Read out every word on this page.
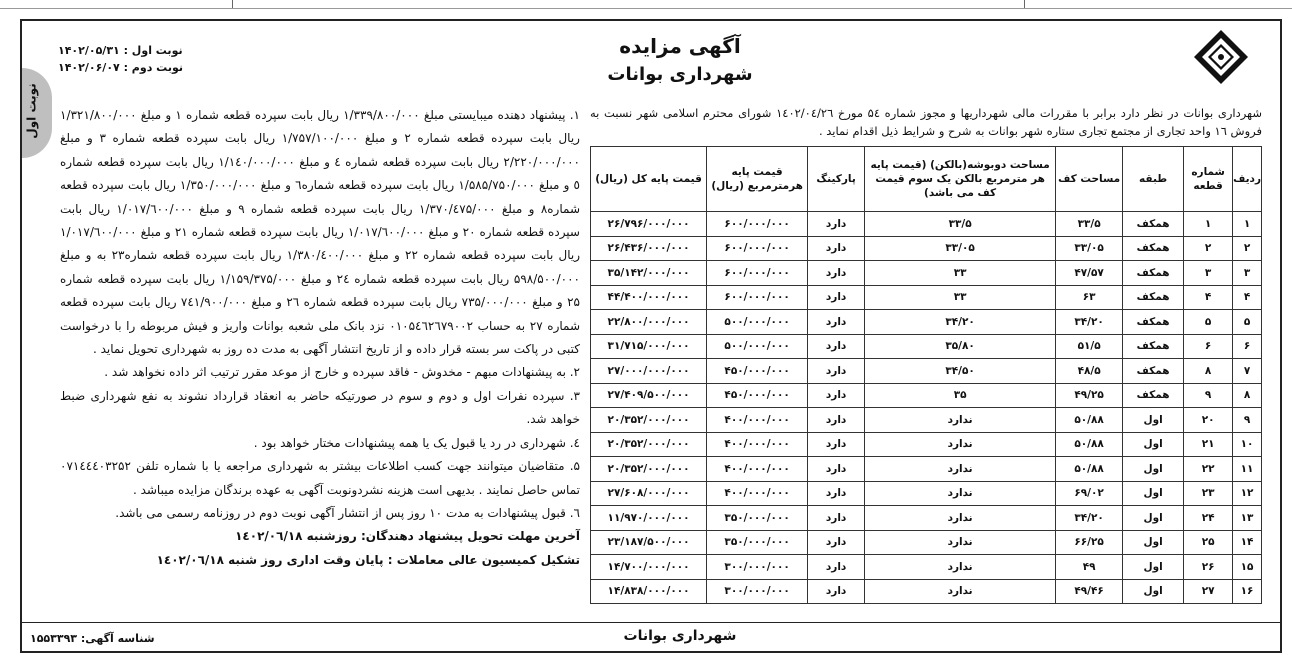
نوبت اول
آگهی مزایده
شهرداری بوانات
نوبت اول : ۱۴۰۲/۰۵/۳۱
نوبت دوم : ۱۴۰۲/۰۶/۰۷
شهرداری بوانات در نظر دارد برابر با مقررات مالی شهرداریها و مجوز شماره ۵٤ مورخ ۱٤۰۲/۰٤/۲٦ شورای محترم اسلامی شهر نسبت به فروش ۱٦ واحد تجاری از مجتمع تجاری ستاره شهر بوانات به شرح و شرایط ذیل اقدام نماید .
ردیف	شماره قطعه	طبقه	مساحت کف	مساحت دوبوشه(بالکن) (قیمت پایه هر مترمربع بالکن یک سوم قیمت کف می باشد)	پارکینگ	قیمت پایه هرمترمربع (ریال)	قیمت پایه کل (ریال)
۱	۱	همکف	۳۳/۵	۳۳/۵	دارد	۶۰۰/۰۰۰/۰۰۰	۲۶/۷۹۶/۰۰۰/۰۰۰
۲	۲	همکف	۳۳/۰۵	۳۳/۰۵	دارد	۶۰۰/۰۰۰/۰۰۰	۲۶/۴۳۶/۰۰۰/۰۰۰
۳	۳	همکف	۴۷/۵۷	۳۳	دارد	۶۰۰/۰۰۰/۰۰۰	۳۵/۱۴۲/۰۰۰/۰۰۰
۴	۴	همکف	۶۳	۳۳	دارد	۶۰۰/۰۰۰/۰۰۰	۴۴/۴۰۰/۰۰۰/۰۰۰
۵	۵	همکف	۳۴/۲۰	۳۴/۲۰	دارد	۵۰۰/۰۰۰/۰۰۰	۲۲/۸۰۰/۰۰۰/۰۰۰
۶	۶	همکف	۵۱/۵	۳۵/۸۰	دارد	۵۰۰/۰۰۰/۰۰۰	۳۱/۷۱۵/۰۰۰/۰۰۰
۷	۸	همکف	۴۸/۵	۳۴/۵۰	دارد	۴۵۰/۰۰۰/۰۰۰	۲۷/۰۰۰/۰۰۰/۰۰۰
۸	۹	همکف	۴۹/۲۵	۳۵	دارد	۴۵۰/۰۰۰/۰۰۰	۲۷/۴۰۹/۵۰۰/۰۰۰
۹	۲۰	اول	۵۰/۸۸	ندارد	دارد	۴۰۰/۰۰۰/۰۰۰	۲۰/۳۵۲/۰۰۰/۰۰۰
۱۰	۲۱	اول	۵۰/۸۸	ندارد	دارد	۴۰۰/۰۰۰/۰۰۰	۲۰/۳۵۲/۰۰۰/۰۰۰
۱۱	۲۲	اول	۵۰/۸۸	ندارد	دارد	۴۰۰/۰۰۰/۰۰۰	۲۰/۳۵۲/۰۰۰/۰۰۰
۱۲	۲۳	اول	۶۹/۰۲	ندارد	دارد	۴۰۰/۰۰۰/۰۰۰	۲۷/۶۰۸/۰۰۰/۰۰۰
۱۳	۲۴	اول	۳۴/۲۰	ندارد	دارد	۳۵۰/۰۰۰/۰۰۰	۱۱/۹۷۰/۰۰۰/۰۰۰
۱۴	۲۵	اول	۶۶/۲۵	ندارد	دارد	۳۵۰/۰۰۰/۰۰۰	۲۳/۱۸۷/۵۰۰/۰۰۰
۱۵	۲۶	اول	۴۹	ندارد	دارد	۳۰۰/۰۰۰/۰۰۰	۱۴/۷۰۰/۰۰۰/۰۰۰
۱۶	۲۷	اول	۴۹/۴۶	ندارد	دارد	۳۰۰/۰۰۰/۰۰۰	۱۴/۸۳۸/۰۰۰/۰۰۰

۱. پیشنهاد دهنده میبایستی مبلغ ۱/۳۳۹/۸۰۰/۰۰۰ ریال بابت سپرده قطعه شماره ۱ و مبلغ ۱/۳۲۱/۸۰۰/۰۰۰ ریال بابت سپرده قطعه شماره ۲ و مبلغ ۱/۷۵۷/۱۰۰/۰۰۰ ریال بابت سپرده قطعه شماره ۳ و مبلغ ۲/۲۲۰/۰۰۰/۰۰۰ ریال بابت سپرده قطعه شماره ٤ و مبلغ ۱/۱٤۰/۰۰۰/۰۰۰ ریال بابت سپرده قطعه شماره ٥ و مبلغ ۱/۵۸۵/۷۵۰/۰۰۰ ریال بابت سپرده قطعه شماره٦ و مبلغ ۱/۳۵۰/۰۰۰/۰۰۰ ریال بابت سپرده قطعه شماره۸ و مبلغ ۱/۳۷۰/٤۷۵/۰۰۰ ریال بابت سپرده قطعه شماره ۹ و مبلغ ۱/۰۱۷/٦۰۰/۰۰۰ ریال بابت سپرده قطعه شماره ۲۰ و مبلغ ۱/۰۱۷/٦۰۰/۰۰۰ ریال بابت سپرده قطعه شماره ۲۱ و مبلغ ۱/۰۱۷/٦۰۰/۰۰۰ ریال بابت سپرده قطعه شماره ۲۲ و مبلغ ۱/۳۸۰/٤۰۰/۰۰۰ ریال بابت سپرده قطعه شماره۲۳ به و مبلغ ۵۹۸/۵۰۰/۰۰۰ ریال بابت سپرده قطعه شماره ۲٤ و مبلغ ۱/۱۵۹/۳۷۵/۰۰۰ ریال بابت سپرده قطعه شماره ۲۵ و مبلغ ۷۳۵/۰۰۰/۰۰۰ ریال بابت سپرده قطعه شماره ۲٦ و مبلغ ۷٤۱/۹۰۰/۰۰۰ ریال بابت سپرده قطعه شماره ۲۷ به حساب ۰۱۰۵٤٦٢٦۷۹۰۰۲ نزد بانک ملی شعبه بوانات واریز و فیش مربوطه را با درخواست کتبی در پاکت سر بسته قرار داده و از تاریخ انتشار آگهی به مدت ده روز به شهرداری تحویل نماید .

۲. به پیشنهادات مبهم - مخدوش - فاقد سپرده و خارج از موعد مقرر ترتیب اثر داده نخواهد شد .

۳. سپرده نفرات اول و دوم و سوم در صورتیکه حاضر به انعقاد قرارداد نشوند به نفع شهرداری ضبط خواهد شد.

٤. شهرداری در رد یا قبول یک یا همه پیشنهادات مختار خواهد بود .

۵. متقاضیان میتوانند جهت کسب اطلاعات بیشتر به شهرداری مراجعه یا با شماره تلفن ۰۷۱٤٤٤۰۳۲۵۲ تماس حاصل نمایند . بدیهی است هزینه نشردونوبت آگهی به عهده برندگان مزایده میباشد .

٦. قبول پیشنهادات به مدت ۱۰ روز پس از انتشار آگهی نوبت دوم در روزنامه رسمی می باشد.

آخرین مهلت تحویل پیشنهاد دهندگان: روزشنبه ۱٤۰۲/۰٦/۱۸

تشکیل کمیسیون عالی معاملات : پایان وقت اداری روز شنبه ۱٤۰۲/۰٦/۱۸

شهرداری بوانات
شناسه آگهی: ۱۵۵۳۳۹۳
